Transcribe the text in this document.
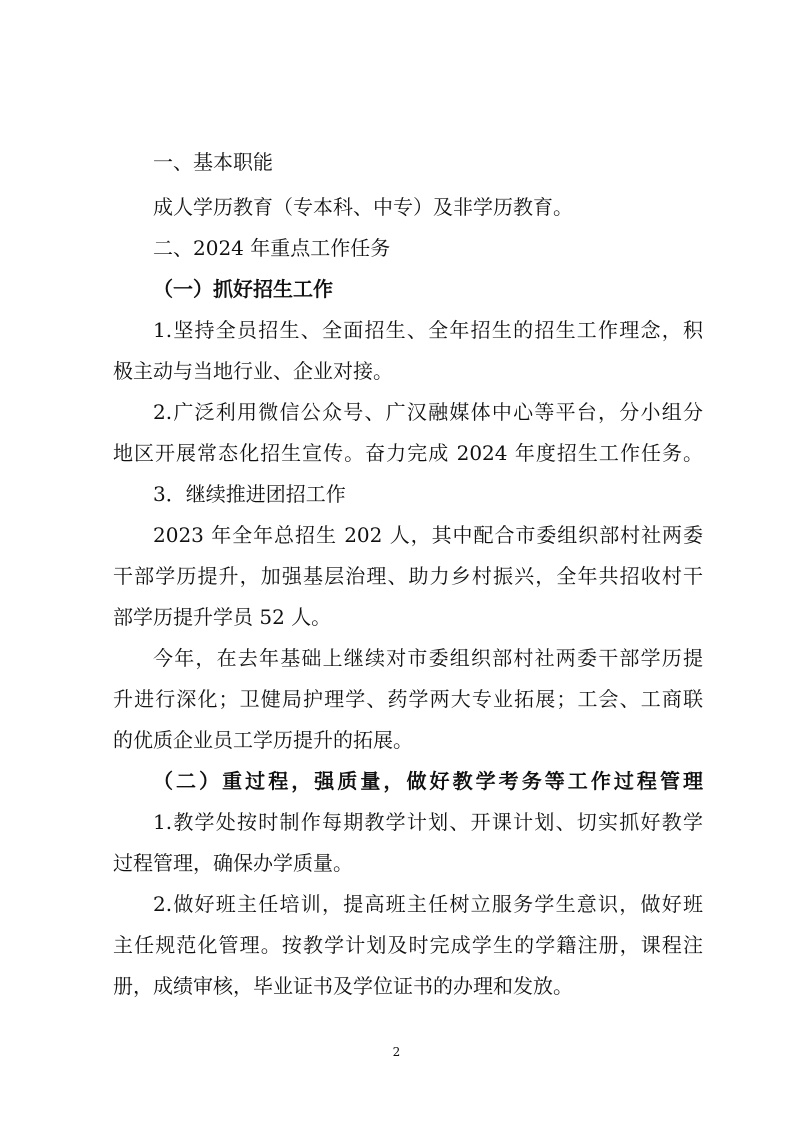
一、基本职能

成人学历教育（专本科、中专）及非学历教育。

二、2024 年重点工作任务

（一）抓好招生工作

1.坚持全员招生、全面招生、全年招生的招生工作理念，积

极主动与当地行业、企业对接。

2.广泛利用微信公众号、广汉融媒体中心等平台，分小组分

地区开展常态化招生宣传。奋力完成 2024 年度招生工作任务。

3．继续推进团招工作

2023 年全年总招生 202 人，其中配合市委组织部村社两委

干部学历提升，加强基层治理、助力乡村振兴，全年共招收村干

部学历提升学员 52 人。

今年，在去年基础上继续对市委组织部村社两委干部学历提

升进行深化；卫健局护理学、药学两大专业拓展；工会、工商联

的优质企业员工学历提升的拓展。

（二）重过程，强质量，做好教学考务等工作过程管理

1.教学处按时制作每期教学计划、开课计划、切实抓好教学

过程管理，确保办学质量。

2.做好班主任培训，提高班主任树立服务学生意识，做好班

主任规范化管理。按教学计划及时完成学生的学籍注册，课程注

册，成绩审核，毕业证书及学位证书的办理和发放。

2
